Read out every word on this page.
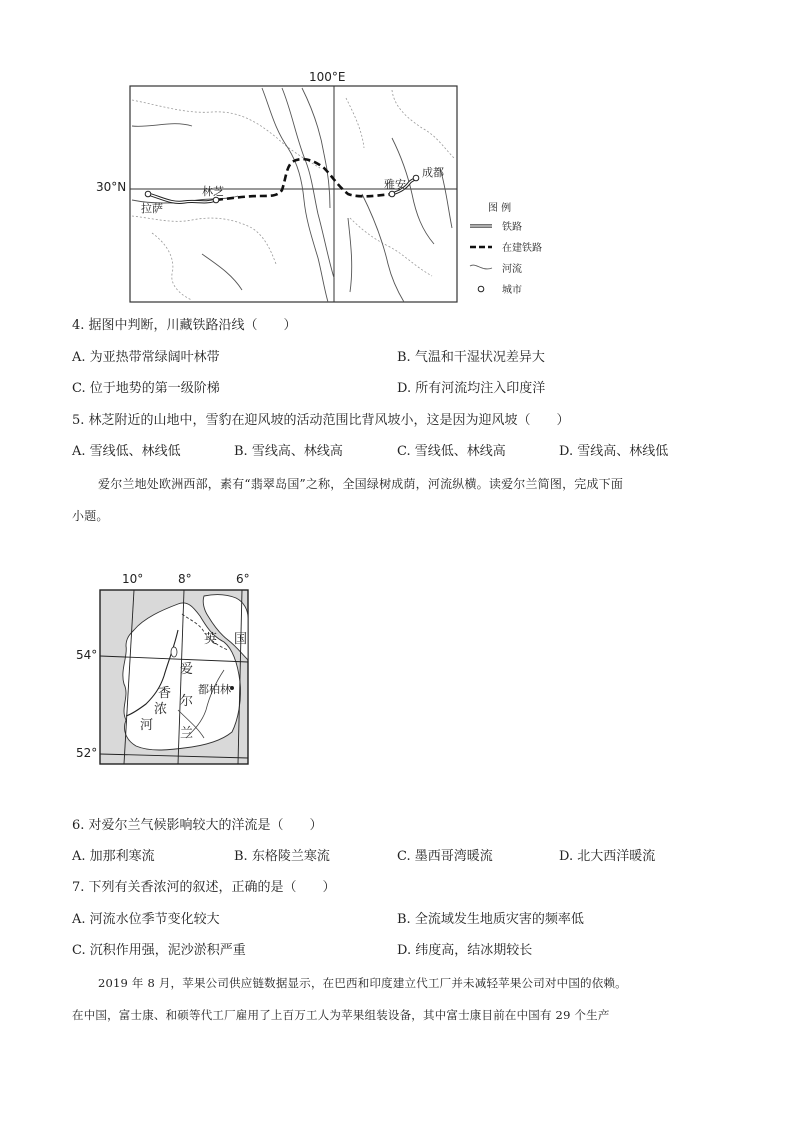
图 例
铁路
在建铁路
河流
城市
100°E
30°N
拉萨
林芝
雅安
成都
4. 据图中判断，川藏铁路沿线（　　）
A. 为亚热带常绿阔叶林带	B. 气温和干湿状况差异大
C. 位于地势的第一级阶梯	D. 所有河流均注入印度洋
5. 林芝附近的山地中，雪豹在迎风坡的活动范围比背风坡小，这是因为迎风坡（　　）
A. 雪线低、林线低	B. 雪线高、林线高	C. 雪线低、林线高	D. 雪线高、林线低
爱尔兰地处欧洲西部，素有“翡翠岛国”之称，全国绿树成荫，河流纵横。读爱尔兰简图，完成下面
小题。
10°	8°	6°
54°
52°
英 国
爱
尔
兰
都柏林
香
浓
河
6. 对爱尔兰气候影响较大的洋流是（　　）
A. 加那利寒流	B. 东格陵兰寒流	C. 墨西哥湾暖流	D. 北大西洋暖流
7. 下列有关香浓河的叙述，正确的是（　　）
A. 河流水位季节变化较大	B. 全流域发生地质灾害的频率低
C. 沉积作用强，泥沙淤积严重	D. 纬度高，结冰期较长
2019 年 8 月，苹果公司供应链数据显示，在巴西和印度建立代工厂并未减轻苹果公司对中国的依赖。
在中国，富士康、和硕等代工厂雇用了上百万工人为苹果组装设备，其中富士康目前在中国有 29 个生产
